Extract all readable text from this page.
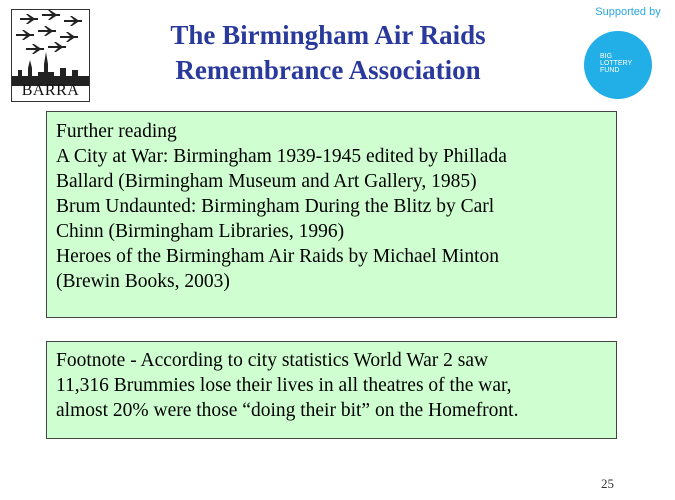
BARRA
The Birmingham Air Raids
Remembrance Association
Supported by
BIG
LOTTERY
FUND
Further reading
A City at War: Birmingham 1939-1945 edited by Phillada
Ballard (Birmingham Museum and Art Gallery, 1985)
Brum Undaunted: Birmingham During the Blitz by Carl
Chinn (Birmingham Libraries, 1996)
Heroes of the Birmingham Air Raids by Michael Minton
(Brewin Books, 2003)
Footnote - According to city statistics World War 2 saw
11,316 Brummies lose their lives in all theatres of the war,
almost 20% were those “doing their bit” on the Homefront.
25
